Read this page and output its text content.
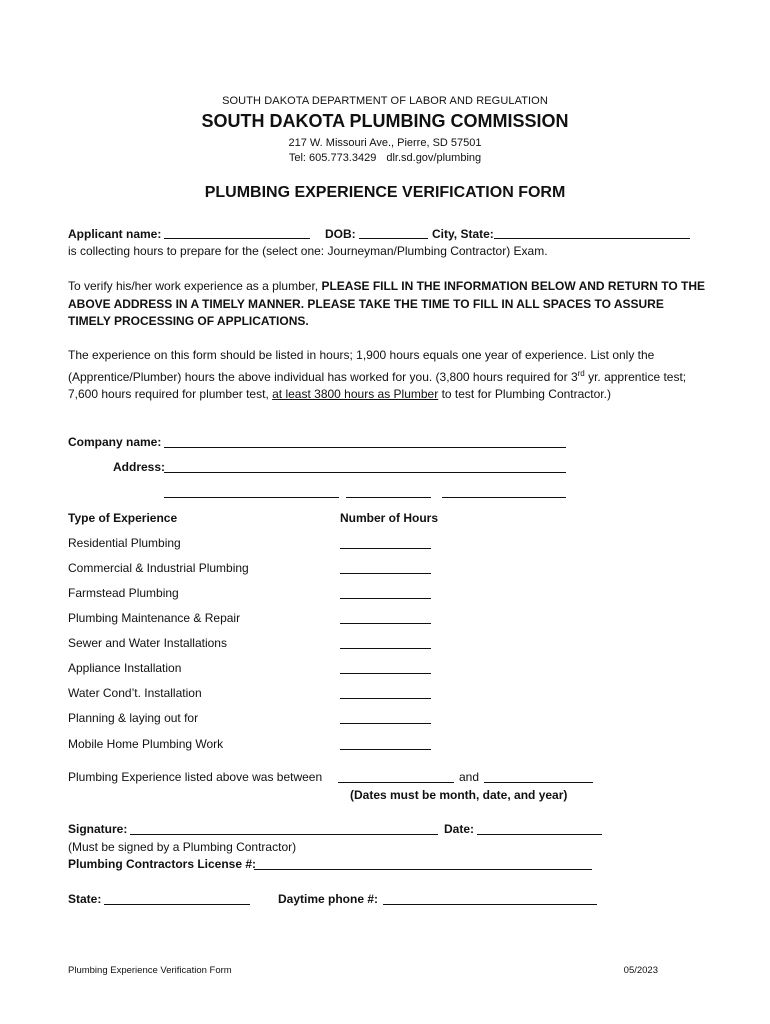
SOUTH DAKOTA DEPARTMENT OF LABOR AND REGULATION
SOUTH DAKOTA PLUMBING COMMISSION
217 W. Missouri Ave., Pierre, SD 57501
Tel: 605.773.3429 dlr.sd.gov/plumbing
PLUMBING EXPERIENCE VERIFICATION FORM
Applicant name:	DOB:	City, State:
is collecting hours to prepare for the (select one: Journeyman/Plumbing Contractor) Exam.
To verify his/her work experience as a plumber, PLEASE FILL IN THE INFORMATION BELOW AND RETURN TO THE ABOVE ADDRESS IN A TIMELY MANNER. PLEASE TAKE THE TIME TO FILL IN ALL SPACES TO ASSURE TIMELY PROCESSING OF APPLICATIONS.
The experience on this form should be listed in hours; 1,900 hours equals one year of experience. List only the (Apprentice/Plumber) hours the above individual has worked for you. (3,800 hours required for 3rd yr. apprentice test; 7,600 hours required for plumber test, at least 3800 hours as Plumber to test for Plumbing Contractor.)
Company name:
Address:
Type of Experience	Number of Hours
Residential Plumbing
Commercial & Industrial Plumbing
Farmstead Plumbing
Plumbing Maintenance & Repair
Sewer and Water Installations
Appliance Installation
Water Cond’t. Installation
Planning & laying out for
Mobile Home Plumbing Work
Plumbing Experience listed above was between	and
(Dates must be month, date, and year)
Signature:	Date:
(Must be signed by a Plumbing Contractor)
Plumbing Contractors License #:
State:	Daytime phone #:
Plumbing Experience Verification Form	05/2023
